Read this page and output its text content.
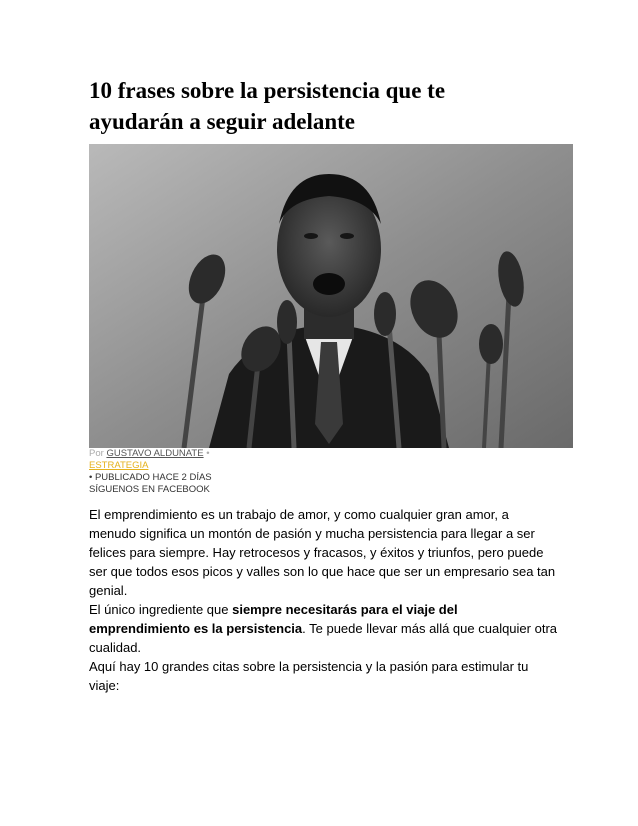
10 frases sobre la persistencia que te ayudarán a seguir adelante
Por GUSTAVO ALDUNATE •
ESTRATEGIA
• PUBLICADO HACE 2 DÍAS
SÍGUENOS EN FACEBOOK

El emprendimiento es un trabajo de amor, y como cualquier gran amor, a menudo significa un montón de pasión y mucha persistencia para llegar a ser felices para siempre. Hay retrocesos y fracasos, y éxitos y triunfos, pero puede ser que todos esos picos y valles son lo que hace que ser un empresario sea tan genial.

El único ingrediente que siempre necesitarás para el viaje del emprendimiento es la persistencia. Te puede llevar más allá que cualquier otra cualidad.

Aquí hay 10 grandes citas sobre la persistencia y la pasión para estimular tu viaje:
